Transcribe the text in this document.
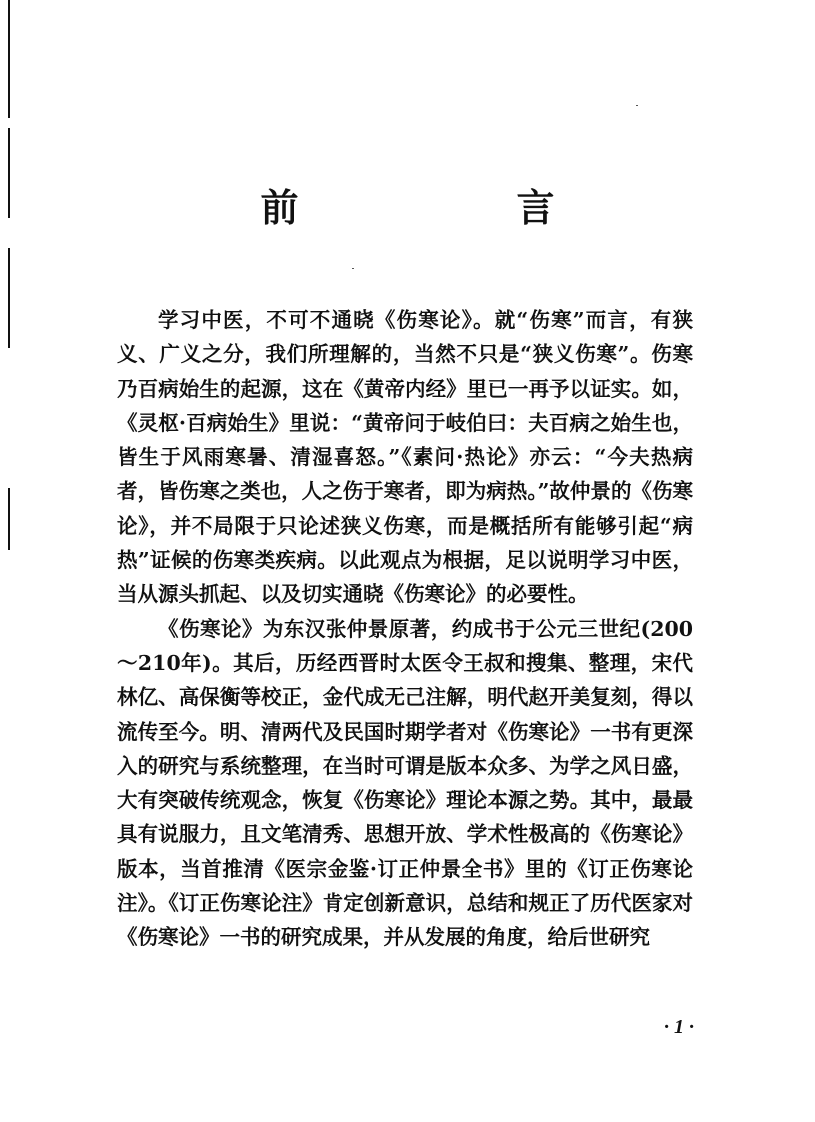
前　言

学习中医，不可不通晓《伤寒论》。就“伤寒”而言，有狭义、广义之分，我们所理解的，当然不只是“狭义伤寒”。伤寒乃百病始生的起源，这在《黄帝内经》里已一再予以证实。如，《灵枢·百病始生》里说：“黄帝问于岐伯曰：夫百病之始生也，皆生于风雨寒暑、清湿喜怒。”《素问·热论》亦云：“今夫热病者，皆伤寒之类也，人之伤于寒者，即为病热。”故仲景的《伤寒论》，并不局限于只论述狭义伤寒，而是概括所有能够引起“病热”证候的伤寒类疾病。以此观点为根据，足以说明学习中医，当从源头抓起、以及切实通晓《伤寒论》的必要性。

《伤寒论》为东汉张仲景原著，约成书于公元三世纪(200～210年)。其后，历经西晋时太医令王叔和搜集、整理，宋代林亿、高保衡等校正，金代成无己注解，明代赵开美复刻，得以流传至今。明、清两代及民国时期学者对《伤寒论》一书有更深入的研究与系统整理，在当时可谓是版本众多、为学之风日盛，大有突破传统观念，恢复《伤寒论》理论本源之势。其中，最最具有说服力，且文笔清秀、思想开放、学术性极高的《伤寒论》版本，当首推清《医宗金鉴·订正仲景全书》里的《订正伤寒论注》。《订正伤寒论注》肯定创新意识，总结和规正了历代医家对《伤寒论》一书的研究成果，并从发展的角度，给后世研究

· 1 ·
